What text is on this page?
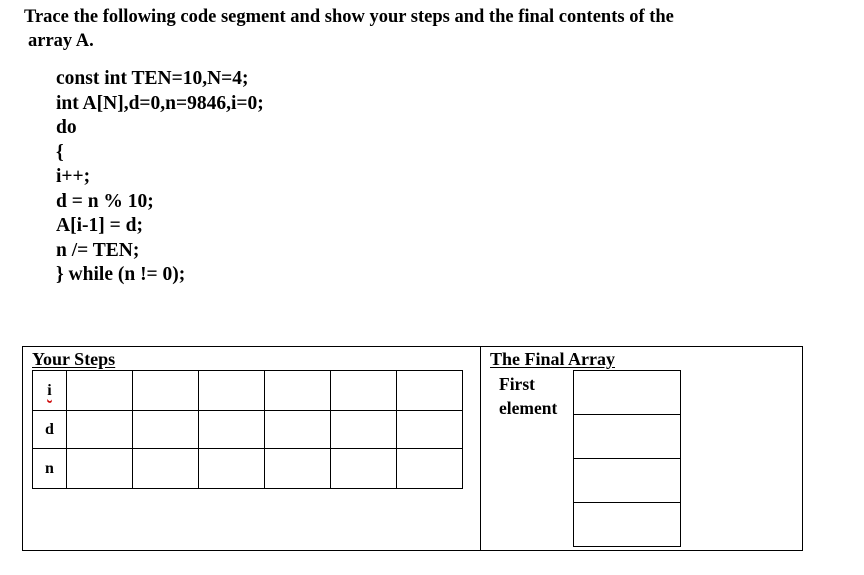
Trace the following code segment and show your steps and the final contents of the
array A.
const int TEN=10,N=4;
int A[N],d=0,n=9846,i=0;
do
{
i++;
d = n % 10;
A[i-1] = d;
n /= TEN;
} while (n != 0);
Your Steps
i						
d						
n						
The Final Array
First
element
